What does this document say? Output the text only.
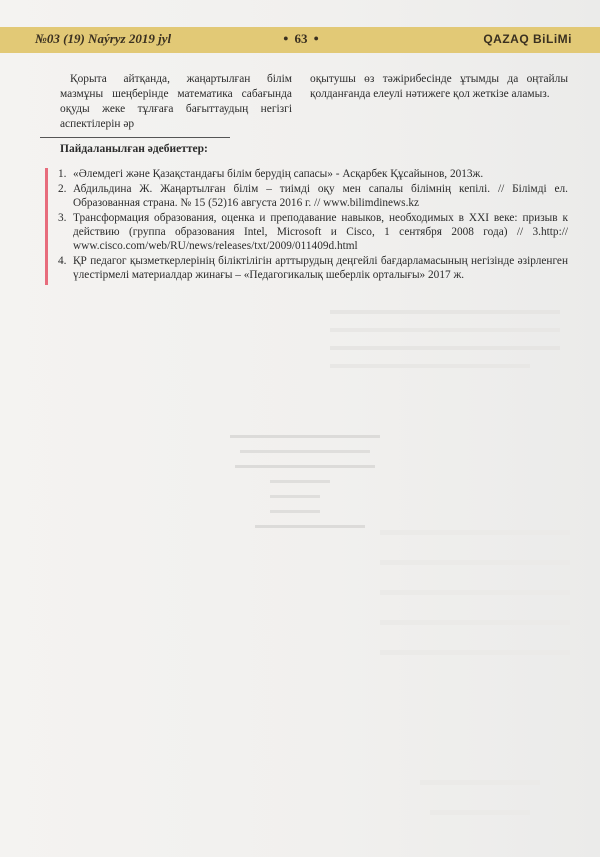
№03 (19) Naýryz 2019 jyl	● 63 ●	QAZAQ BiLiMi
Қорыта айтқанда, жаңартылған білім мазмұны шеңберінде математика сабағында оқуды жеке тұлғаға бағыттаудың негізгі аспектілерін әр
оқытушы өз тәжірибесінде ұтымды да оңтайлы қолданғанда елеулі нәтижеге қол жеткізе аламыз.
Пайдаланылған әдебиеттер:
1. «Әлемдегі және Қазақстандағы білім берудің сапасы» - Асқарбек Құсайынов, 2013ж.
2. Абдильдина Ж. Жаңартылған білім – тиімді оқу мен сапалы білімнің кепілі. // Білімді ел. Образованная страна. № 15 (52)16 августа 2016 г. // www.bilimdinews.kz
3. Трансформация образования, оценка и преподавание навыков, необходимых в XXI веке: призыв к действию (группа образования Intel, Microsoft и Cisco, 1 сентября 2008 года) // 3.http:// www.cisco.com/web/RU/news/releases/txt/2009/011409d.html
4. ҚР педагог қызметкерлерінің біліктілігін арттырудың деңгейлі бағдарламасының негізінде әзірленген үлестірмелі материалдар жинағы – «Педагогикалық шеберлік орталығы» 2017 ж.
